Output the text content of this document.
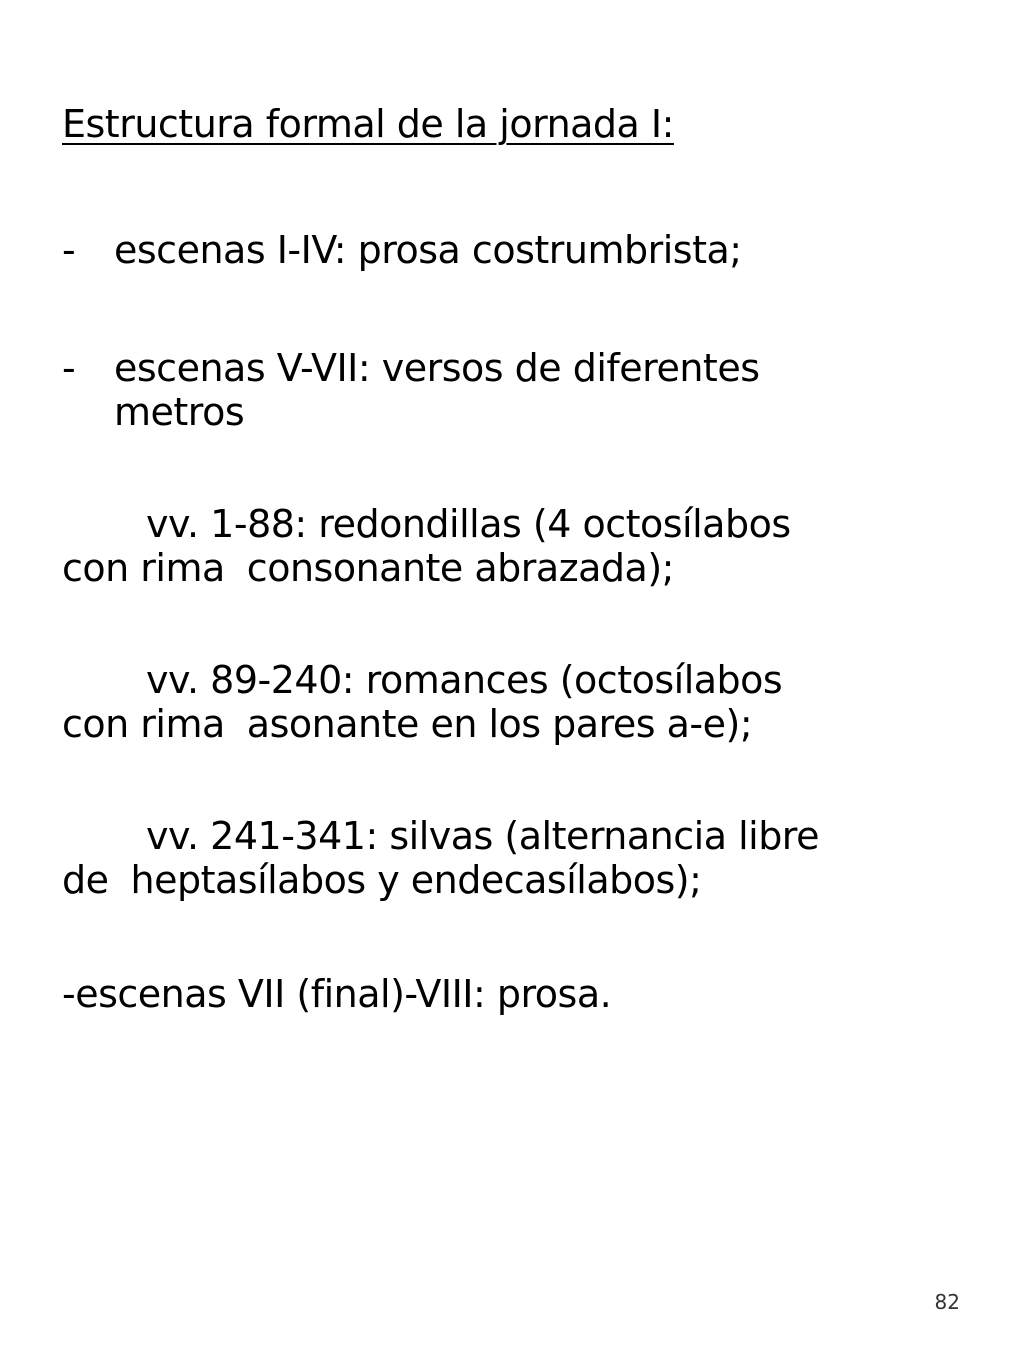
Estructura formal de la jornada I:
- escenas I-IV: prosa costrumbrista;
- escenas V-VII: versos de diferentes
metros
vv. 1-88: redondillas (4 octosílabos
con rima consonante abrazada);
vv. 89-240: romances (octosílabos
con rima asonante en los pares a-e);
vv. 241-341: silvas (alternancia libre
de heptasílabos y endecasílabos);
-escenas VII (final)-VIII: prosa.
82
